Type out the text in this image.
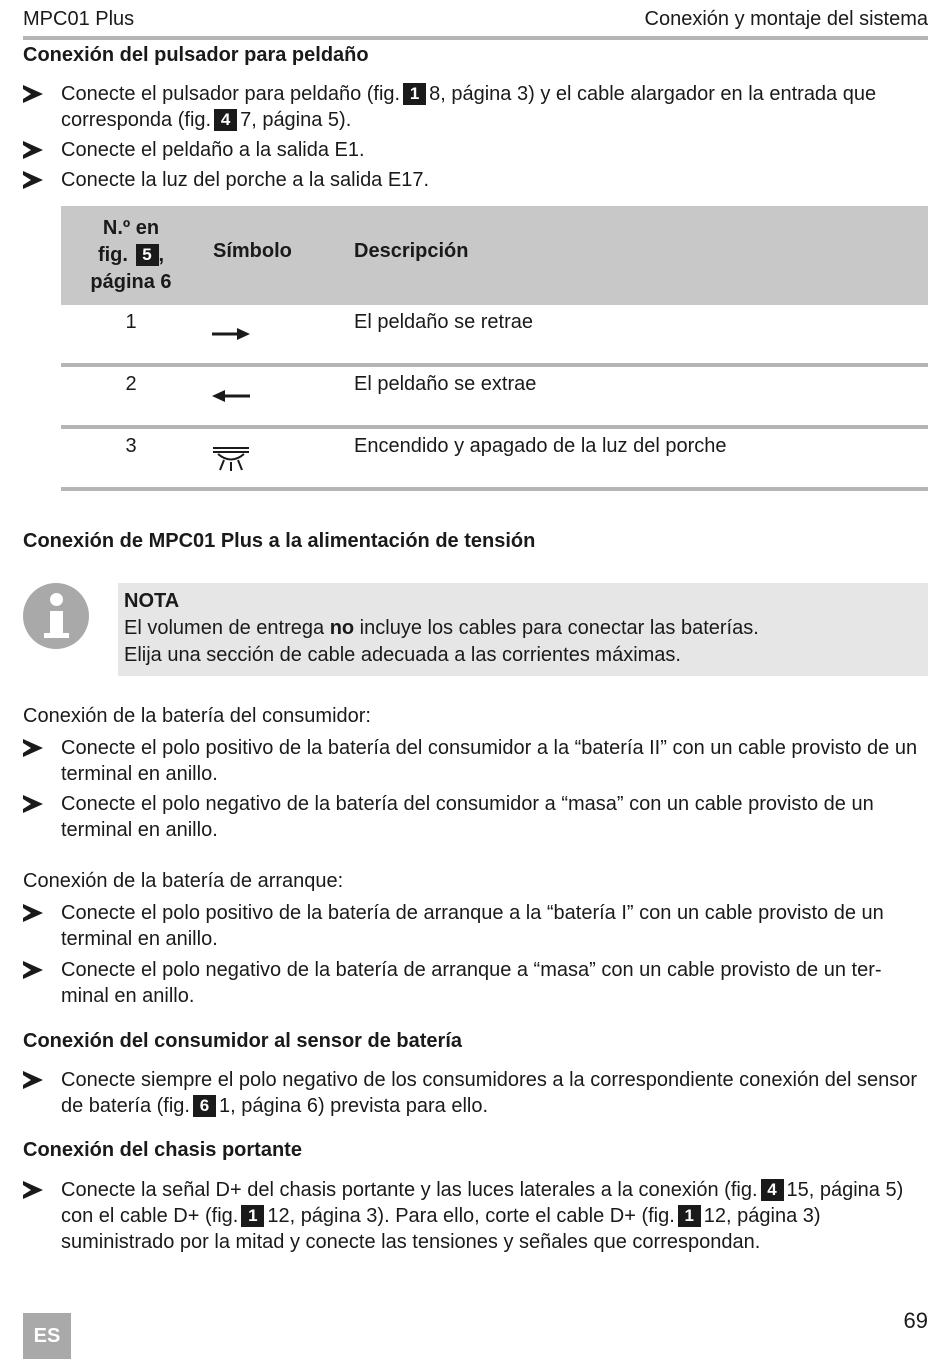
MPC01 Plus	Conexión y montaje del sistema
Conexión del pulsador para peldaño
Conecte el pulsador para peldaño (fig. 1 8, página 3) y el cable alargador en la entrada que corresponda (fig. 4 7, página 5).
Conecte el peldaño a la salida E1.
Conecte la luz del porche a la salida E17.
N.º en
fig. 5 ,
página 6
Símbolo	Descripción
1	El peldaño se retrae
2	El peldaño se extrae
3	Encendido y apagado de la luz del porche
Conexión de MPC01 Plus a la alimentación de tensión
NOTA
El volumen de entrega no incluye los cables para conectar las baterías.
Elija una sección de cable adecuada a las corrientes máximas.
Conexión de la batería del consumidor:
Conecte el polo positivo de la batería del consumidor a la “batería II” con un cable provisto de un terminal en anillo.
Conecte el polo negativo de la batería del consumidor a “masa” con un cable provisto de un terminal en anillo.
Conexión de la batería de arranque:
Conecte el polo positivo de la batería de arranque a la “batería I” con un cable provisto de un terminal en anillo.
Conecte el polo negativo de la batería de arranque a “masa” con un cable provisto de un ter-minal en anillo.
Conexión del consumidor al sensor de batería
Conecte siempre el polo negativo de los consumidores a la correspondiente conexión del sensor de batería (fig. 6 1, página 6) prevista para ello.
Conexión del chasis portante
Conecte la señal D+ del chasis portante y las luces laterales a la conexión (fig. 4 15, página 5) con el cable D+ (fig. 1 12, página 3). Para ello, corte el cable D+ (fig. 1 12, página 3) suministrado por la mitad y conecte las tensiones y señales que correspondan.
ES
69
